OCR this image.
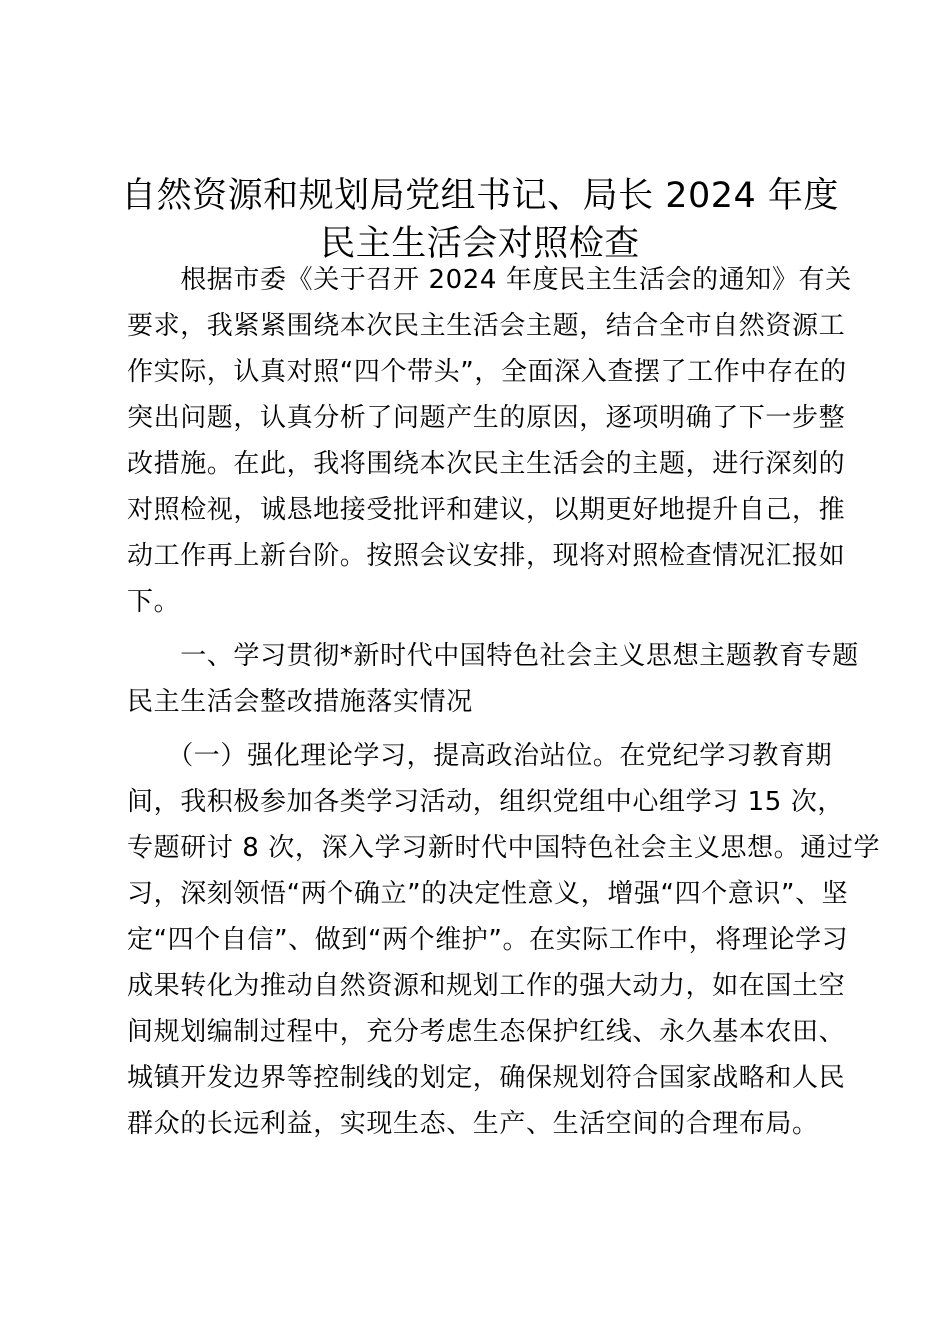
自然资源和规划局党组书记、局长 2024 年度
民主生活会对照检查
　　根据市委《关于召开 2024 年度民主生活会的通知》有关
要求，我紧紧围绕本次民主生活会主题，结合全市自然资源工
作实际，认真对照“四个带头”，全面深入查摆了工作中存在的
突出问题，认真分析了问题产生的原因，逐项明确了下一步整
改措施。在此，我将围绕本次民主生活会的主题，进行深刻的
对照检视，诚恳地接受批评和建议，以期更好地提升自己，推
动工作再上新台阶。按照会议安排，现将对照检查情况汇报如
下。
　　一、学习贯彻*新时代中国特色社会主义思想主题教育专题
民主生活会整改措施落实情况
　　（一）强化理论学习，提高政治站位。在党纪学习教育期
间，我积极参加各类学习活动，组织党组中心组学习 15 次，
专题研讨 8 次，深入学习新时代中国特色社会主义思想。通过学
习，深刻领悟“两个确立”的决定性意义，增强“四个意识”、坚
定“四个自信”、做到“两个维护”。在实际工作中，将理论学习
成果转化为推动自然资源和规划工作的强大动力，如在国土空
间规划编制过程中，充分考虑生态保护红线、永久基本农田、
城镇开发边界等控制线的划定，确保规划符合国家战略和人民
群众的长远利益，实现生态、生产、生活空间的合理布局。
